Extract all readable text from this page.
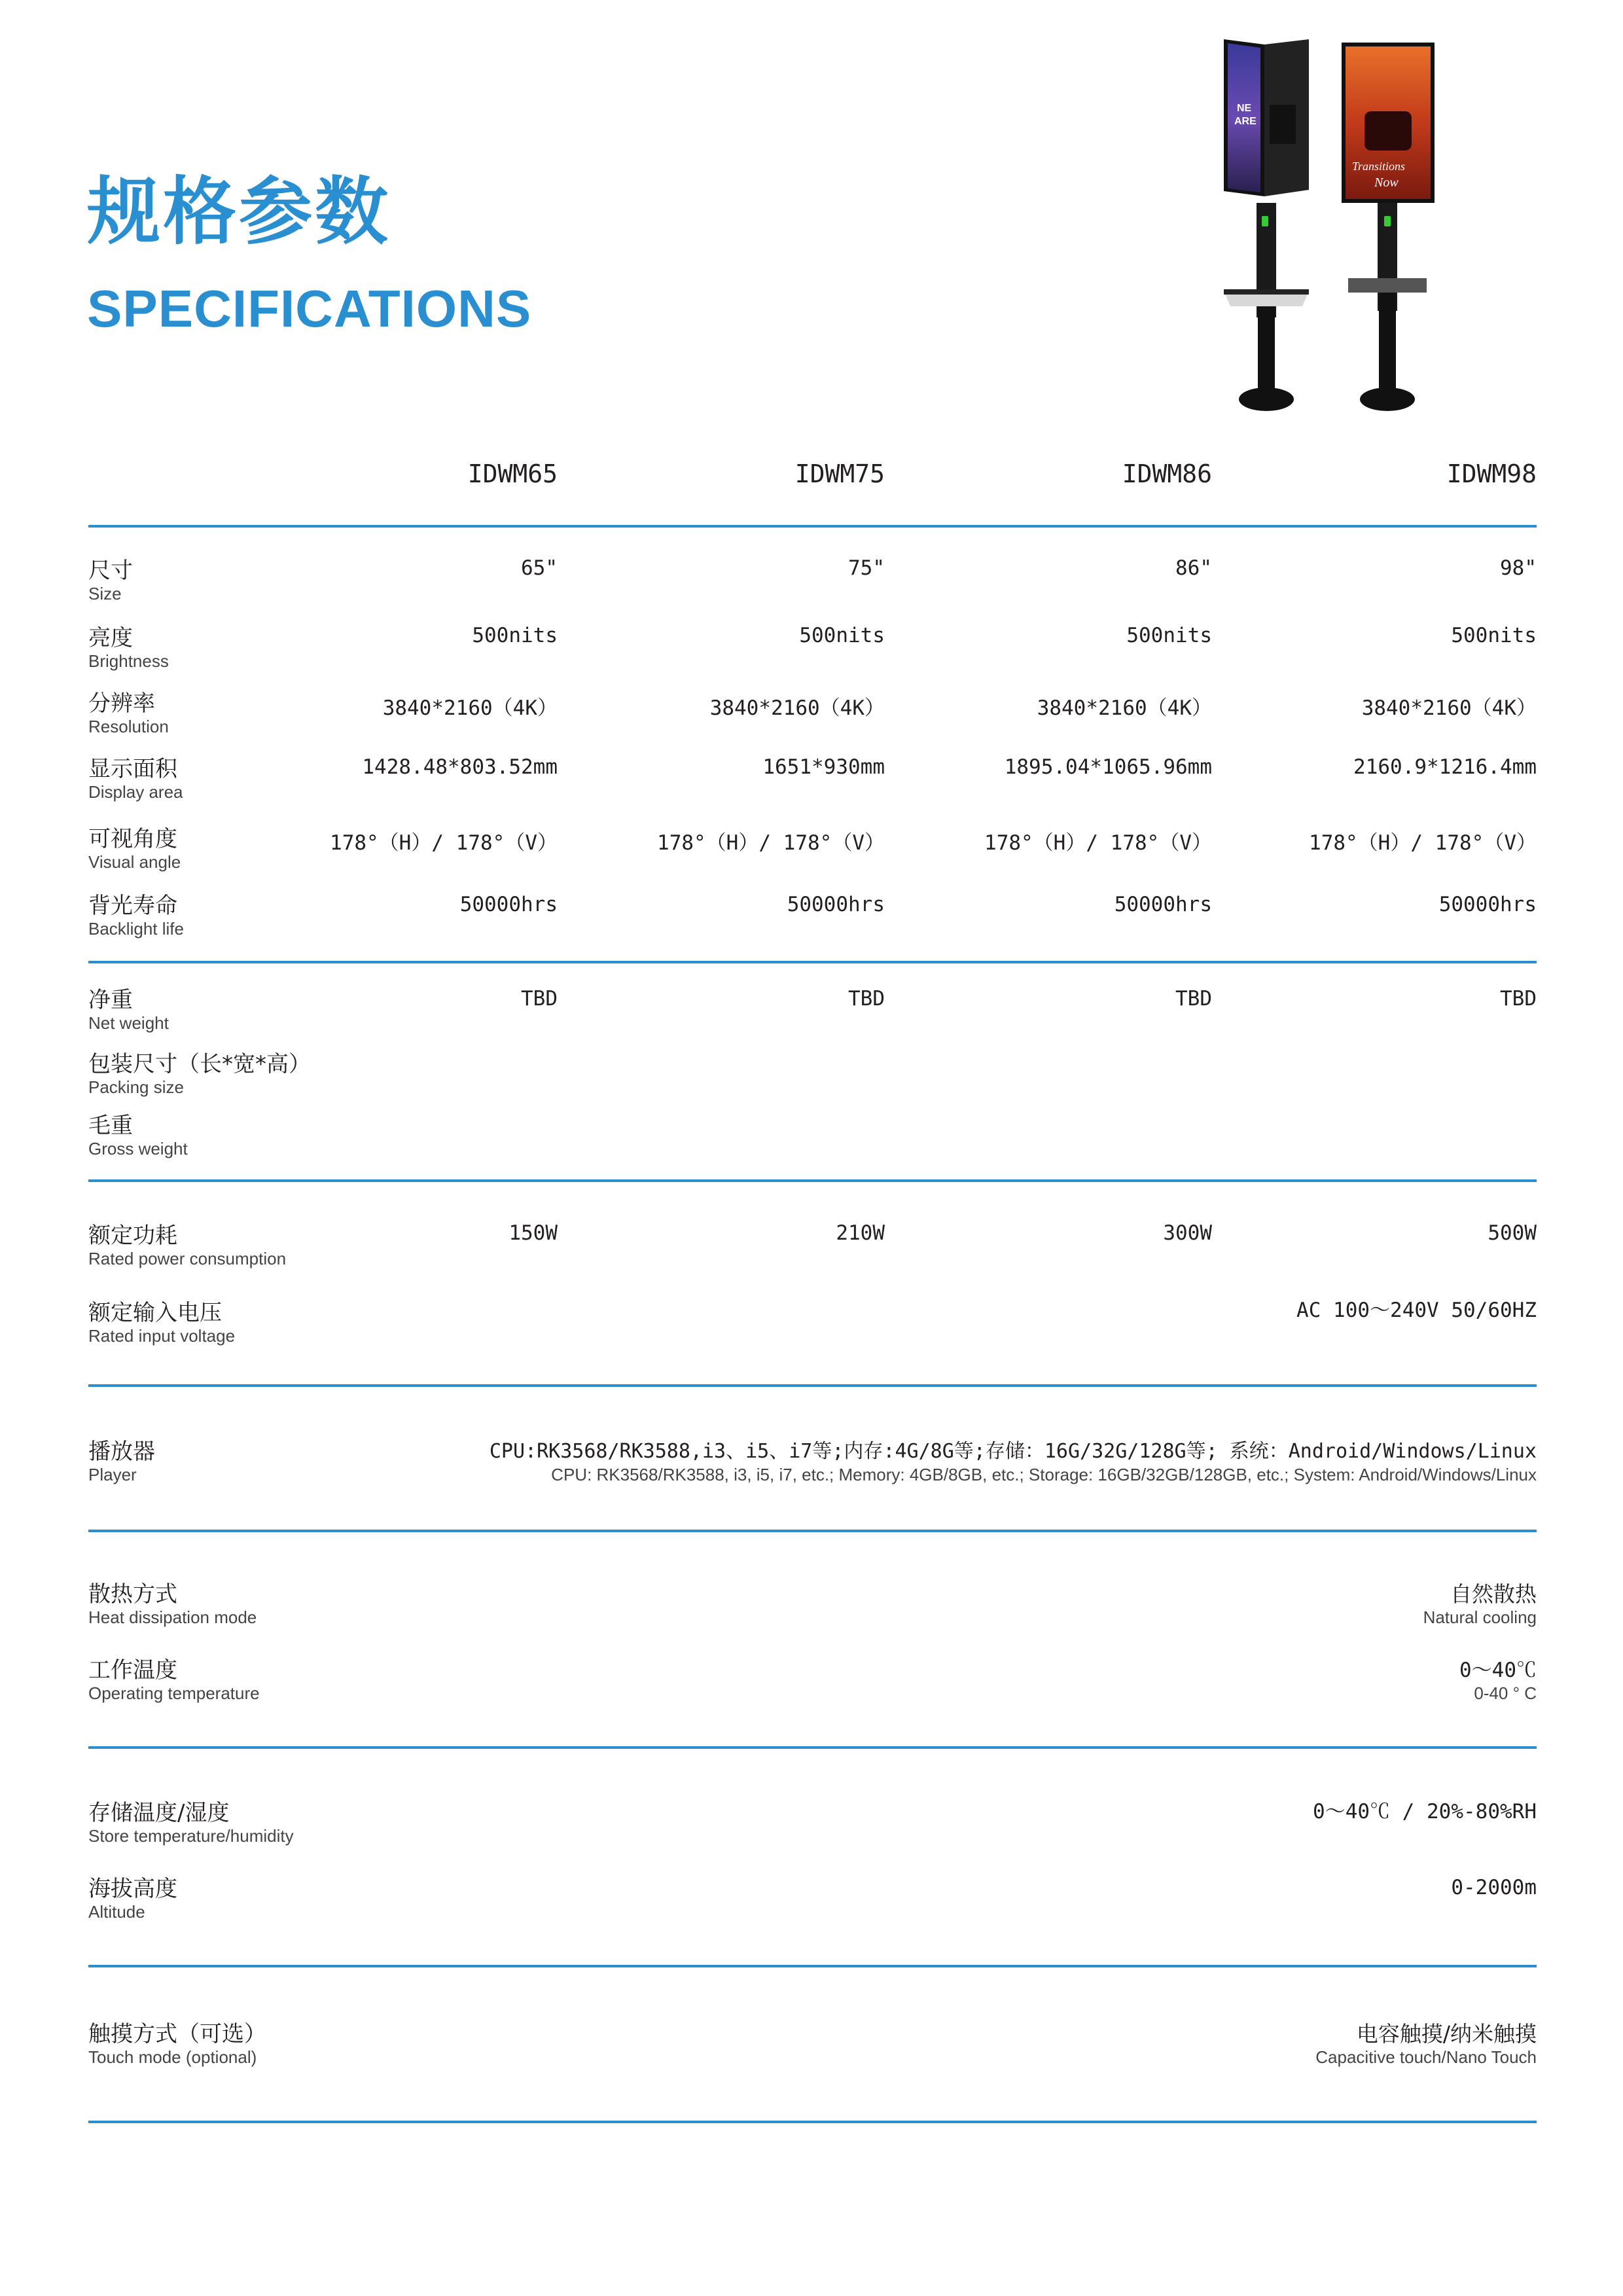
规格参数
SPECIFICATIONS
NE
ARE
Transitions
Now
IDWM65	IDWM75	IDWM86	IDWM98
尺寸
Size
65"	75"	86"	98"
亮度
Brightness
500nits	500nits	500nits	500nits
分辨率
Resolution
3840*2160（4K）	3840*2160（4K）	3840*2160（4K）	3840*2160（4K）
显示面积
Display area
1428.48*803.52mm	1651*930mm	1895.04*1065.96mm	2160.9*1216.4mm
可视角度
Visual angle
178°（H）/ 178°（V）	178°（H）/ 178°（V）	178°（H）/ 178°（V）	178°（H）/ 178°（V）
背光寿命
Backlight life
50000hrs	50000hrs	50000hrs	50000hrs
净重
Net weight
TBD	TBD	TBD	TBD
包装尺寸（长*宽*高）
Packing size
毛重
Gross weight
额定功耗
Rated power consumption
150W	210W	300W	500W
额定输入电压
Rated input voltage
AC 100～240V 50/60HZ
播放器
Player
CPU:RK3568/RK3588,i3、i5、i7等;内存:4G/8G等;存储：16G/32G/128G等; 系统：Android/Windows/Linux
CPU: RK3568/RK3588, i3, i5, i7, etc.; Memory: 4GB/8GB, etc.; Storage: 16GB/32GB/128GB, etc.; System: Android/Windows/Linux
散热方式
Heat dissipation mode
自然散热
Natural cooling
工作温度
Operating temperature
0～40℃
0-40 ° C
存储温度/湿度
Store temperature/humidity
0～40℃ / 20%-80%RH
海拔高度
Altitude
0-2000m
触摸方式（可选）
Touch mode (optional)
电容触摸/纳米触摸
Capacitive touch/Nano Touch
